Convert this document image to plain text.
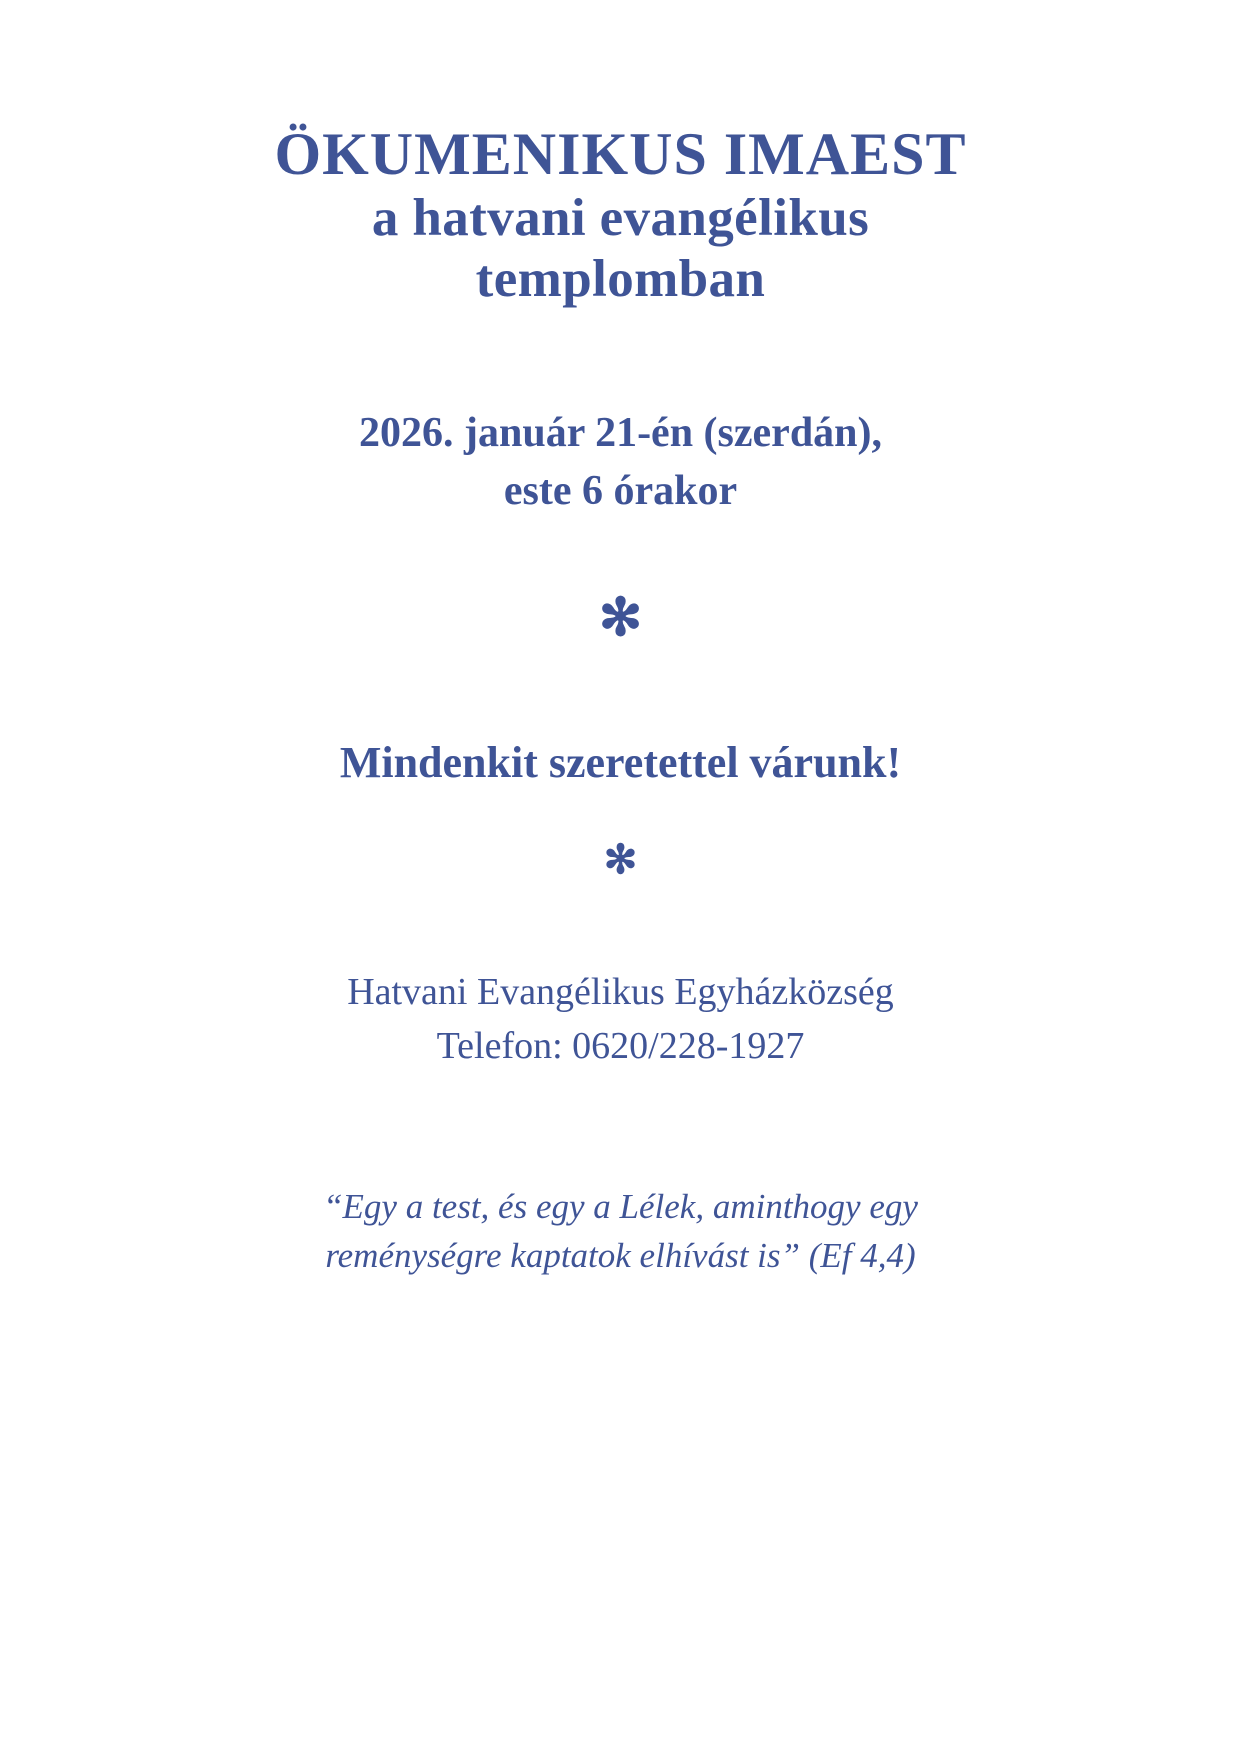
ÖKUMENIKUS IMAEST
a hatvani evangélikus
templomban
2026. január 21-én (szerdán),
este 6 órakor
✻
Mindenkit szeretettel várunk!
✻
Hatvani Evangélikus Egyházközség
Telefon: 0620/228-1927
“Egy a test, és egy a Lélek, aminthogy egy
reménységre kaptatok elhívást is” (Ef 4,4)
